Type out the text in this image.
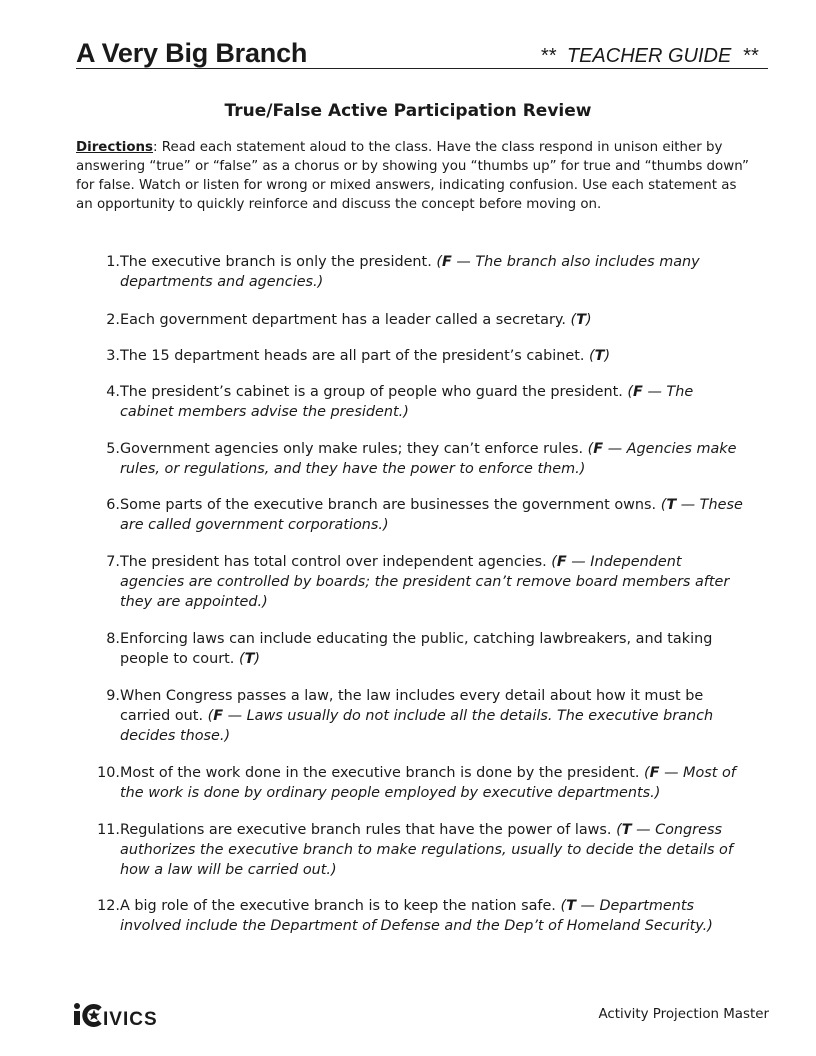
A Very Big Branch	**  TEACHER GUIDE  **
True/False Active Participation Review
Directions: Read each statement aloud to the class. Have the class respond in unison either by answering “true” or “false” as a chorus or by showing you “thumbs up” for true and “thumbs down” for false. Watch or listen for wrong or mixed answers, indicating confusion. Use each statement as an opportunity to quickly reinforce and discuss the concept before moving on.
1. The executive branch is only the president. (F — The branch also includes many departments and agencies.)
2. Each government department has a leader called a secretary. (T)
3. The 15 department heads are all part of the president’s cabinet. (T)
4. The president’s cabinet is a group of people who guard the president. (F — The cabinet members advise the president.)
5. Government agencies only make rules; they can’t enforce rules. (F — Agencies make rules, or regulations, and they have the power to enforce them.)
6. Some parts of the executive branch are businesses the government owns. (T — These are called government corporations.)
7. The president has total control over independent agencies. (F — Independent agencies are controlled by boards; the president can’t remove board members after they are appointed.)
8. Enforcing laws can include educating the public, catching lawbreakers, and taking people to court. (T)
9. When Congress passes a law, the law includes every detail about how it must be carried out. (F — Laws usually do not include all the details. The executive branch decides those.)
10. Most of the work done in the executive branch is done by the president. (F — Most of the work is done by ordinary people employed by executive departments.)
11. Regulations are executive branch rules that have the power of laws. (T — Congress authorizes the executive branch to make regulations, usually to decide the details of how a law will be carried out.)
12. A big role of the executive branch is to keep the nation safe. (T — Departments involved include the Department of Defense and the Dep’t of Homeland Security.)
IVICS	Activity Projection Master
